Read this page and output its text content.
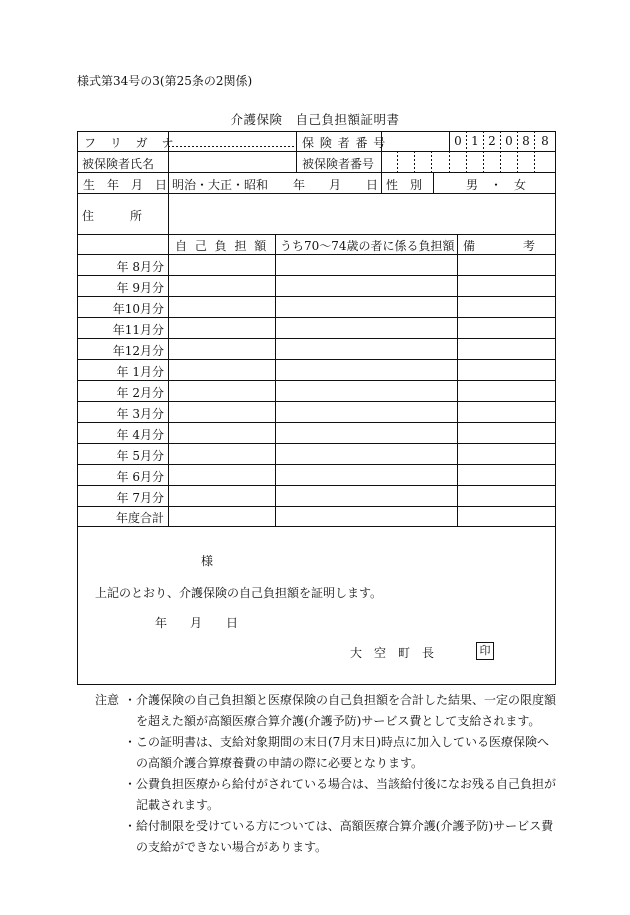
様式第34号の3(第25条の2関係)
介護保険　自己負担額証明書
フ リ ガ ナ
被保険者氏名
保 険 者 番 号
被保険者番号
0 1 2 0 8 8
生　年　月　日 明治・大正・昭和 年 月 日 性　別	男　・　女
住　　　所
自 己 負 担 額 うち70～74歳の者に係る負担額 備　　　　考
年 8月分
年 9月分
年10月分
年11月分
年12月分
年 1月分
年 2月分
年 3月分
年 4月分
年 5月分
年 6月分
年 7月分
年度合計
様
上記のとおり、介護保険の自己負担額を証明します。
年 月 日
大　空　町　長	印
注意 ・介護保険の自己負担額と医療保険の自己負担額を合計した結果、一定の限度額
を超えた額が高額医療合算介護(介護予防)サービス費として支給されます。
・この証明書は、支給対象期間の末日(7月末日)時点に加入している医療保険へ
の高額介護合算療養費の申請の際に必要となります。
・公費負担医療から給付がされている場合は、当該給付後になお残る自己負担が
記載されます。
・給付制限を受けている方については、高額医療合算介護(介護予防)サービス費
の支給ができない場合があります。
